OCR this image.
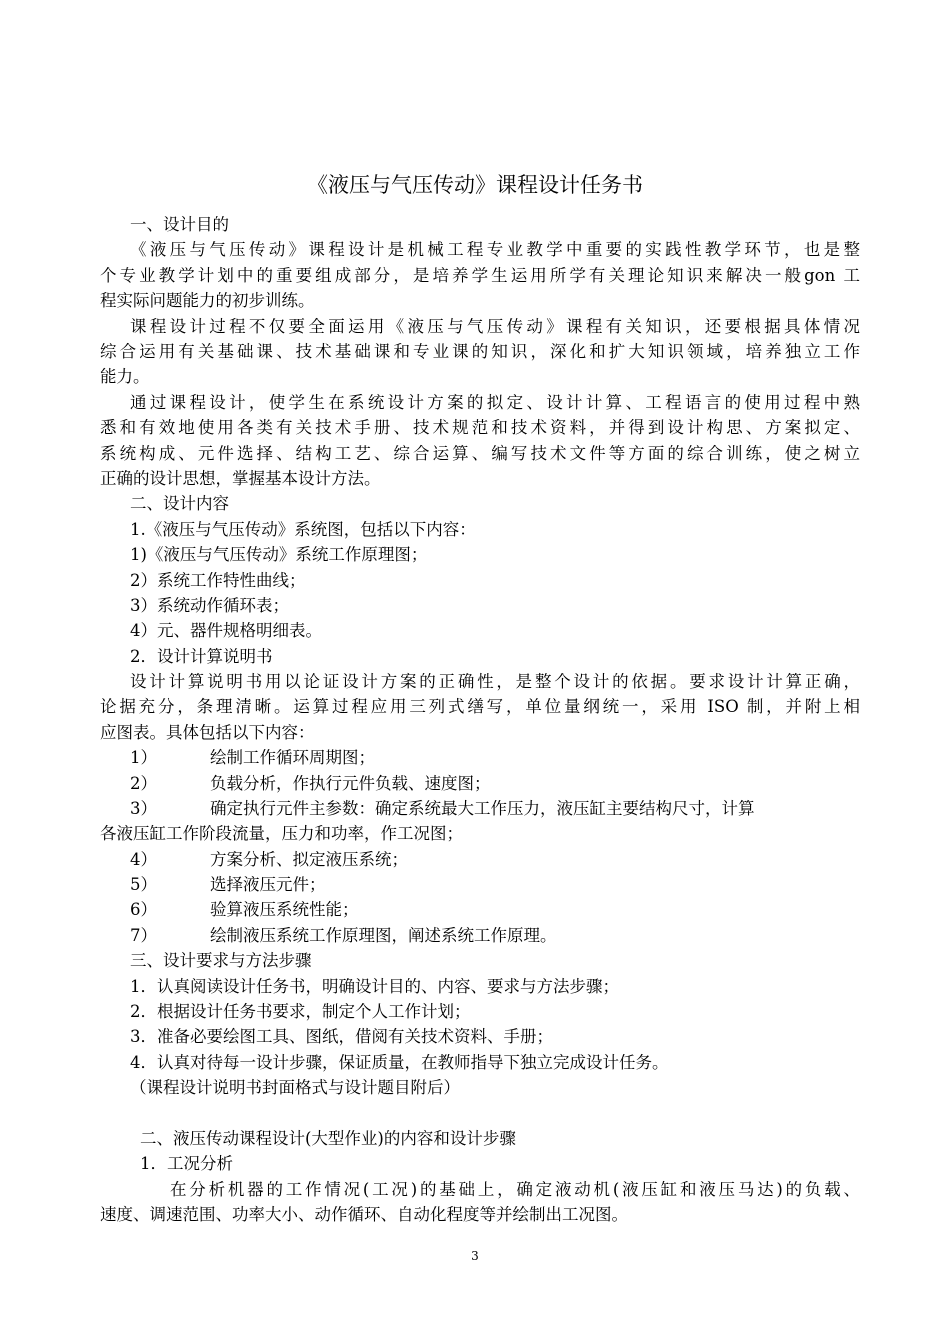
《液压与气压传动》课程设计任务书
一、设计目的
《液压与气压传动》课程设计是机械工程专业教学中重要的实践性教学环节，也是整
个专业教学计划中的重要组成部分，是培养学生运用所学有关理论知识来解决一般gon 工
程实际问题能力的初步训练。
课程设计过程不仅要全面运用《液压与气压传动》课程有关知识，还要根据具体情况
综合运用有关基础课、技术基础课和专业课的知识，深化和扩大知识领域，培养独立工作
能力。
通过课程设计，使学生在系统设计方案的拟定、设计计算、工程语言的使用过程中熟
悉和有效地使用各类有关技术手册、技术规范和技术资料，并得到设计构思、方案拟定、
系统构成、元件选择、结构工艺、综合运算、编写技术文件等方面的综合训练，使之树立
正确的设计思想，掌握基本设计方法。
二、设计内容
1.《液压与气压传动》系统图，包括以下内容：
1)《液压与气压传动》系统工作原理图；
2）系统工作特性曲线；
3）系统动作循环表；
4）元、器件规格明细表。
2．设计计算说明书
设计计算说明书用以论证设计方案的正确性，是整个设计的依据。要求设计计算正确，
论据充分，条理清晰。运算过程应用三列式缮写，单位量纲统一，采用 ISO 制，并附上相
应图表。具体包括以下内容：
1）	绘制工作循环周期图；
2）	负载分析，作执行元件负载、速度图；
3）	确定执行元件主参数：确定系统最大工作压力，液压缸主要结构尺寸，计算
各液压缸工作阶段流量，压力和功率，作工况图；
4）	方案分析、拟定液压系统；
5）	选择液压元件；
6）	验算液压系统性能；
7）	绘制液压系统工作原理图，阐述系统工作原理。
三、设计要求与方法步骤
1．认真阅读设计任务书，明确设计目的、内容、要求与方法步骤；
2．根据设计任务书要求，制定个人工作计划；
3．准备必要绘图工具、图纸，借阅有关技术资料、手册；
4．认真对待每一设计步骤，保证质量，在教师指导下独立完成设计任务。
（课程设计说明书封面格式与设计题目附后）
二、液压传动课程设计(大型作业)的内容和设计步骤
1．工况分析
在分析机器的工作情况(工况)的基础上，确定液动机(液压缸和液压马达)的负载、
速度、调速范围、功率大小、动作循环、自动化程度等并绘制出工况图。
3
